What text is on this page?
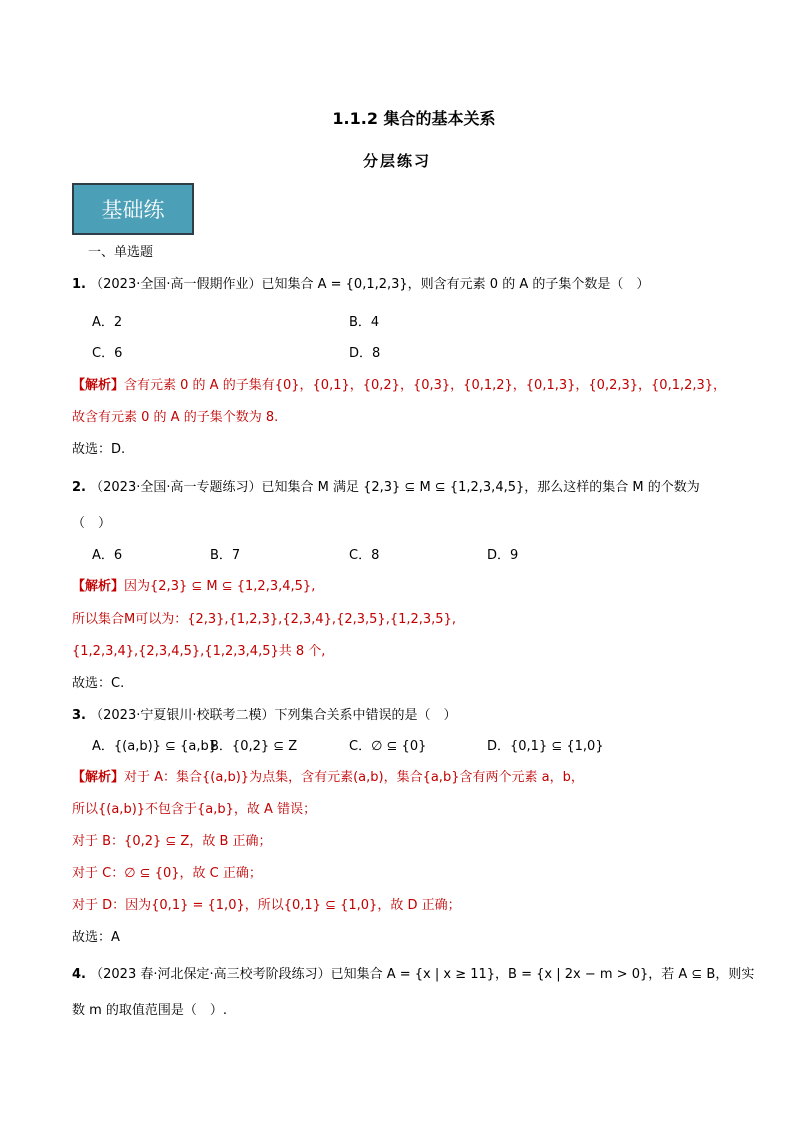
1.1.2 集合的基本关系
分层练习
基础练
一、单选题
1. （2023·全国·高一假期作业）已知集合 A = {0,1,2,3}，则含有元素 0 的 A 的子集个数是（　）
A．2	B．4
C．6	D．8
【解析】含有元素 0 的 A 的子集有{0}，{0,1}，{0,2}，{0,3}，{0,1,2}，{0,1,3}，{0,2,3}，{0,1,2,3}，
故含有元素 0 的 A 的子集个数为 8.
故选：D.
2. （2023·全国·高一专题练习）已知集合 M 满足 {2,3} ⊆ M ⊆ {1,2,3,4,5}，那么这样的集合 M 的个数为
（　）
A．6	B．7	C．8	D．9
【解析】因为{2,3} ⊆ M ⊆ {1,2,3,4,5},
所以集合M可以为：{2,3},{1,2,3},{2,3,4},{2,3,5},{1,2,3,5},
{1,2,3,4},{2,3,4,5},{1,2,3,4,5}共 8 个,
故选：C.
3. （2023·宁夏银川·校联考二模）下列集合关系中错误的是（　）
A．{(a,b)} ⊆ {a,b}
B．{0,2} ⊆ Z	C．∅ ⊆ {0}	D．{0,1} ⊆ {1,0}
【解析】对于 A：集合{(a,b)}为点集，含有元素(a,b)，集合{a,b}含有两个元素 a，b，
所以{(a,b)}不包含于{a,b}，故 A 错误；
对于 B：{0,2} ⊆ Z，故 B 正确；
对于 C：∅ ⊆ {0}，故 C 正确；
对于 D：因为{0,1} = {1,0}，所以{0,1} ⊆ {1,0}，故 D 正确；
故选：A
4. （2023 春·河北保定·高三校考阶段练习）已知集合 A = {x | x ≥ 11}，B = {x | 2x − m > 0}，若 A ⊆ B，则实
数 m 的取值范围是（　）.
